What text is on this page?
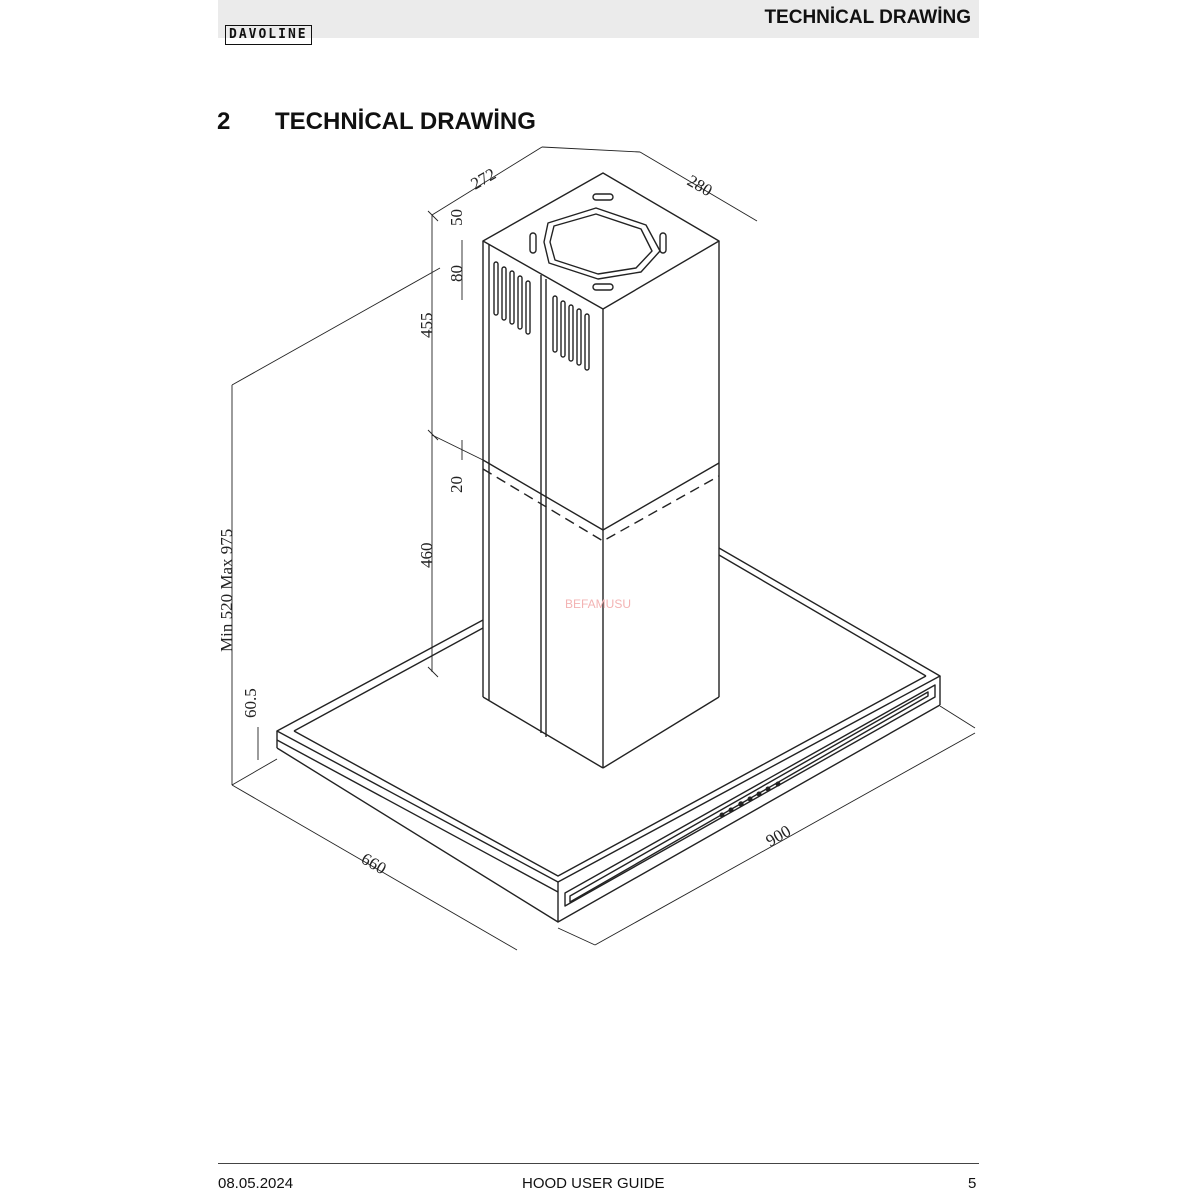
DAVOLINE
TECHNİCAL DRAWİNG
2 TECHNİCAL DRAWİNG
272	280
50
80
455
20
460
Min 520 Max 975
60.5
660
900
BEFAMUSU
08.05.2024	HOOD USER GUIDE	5
